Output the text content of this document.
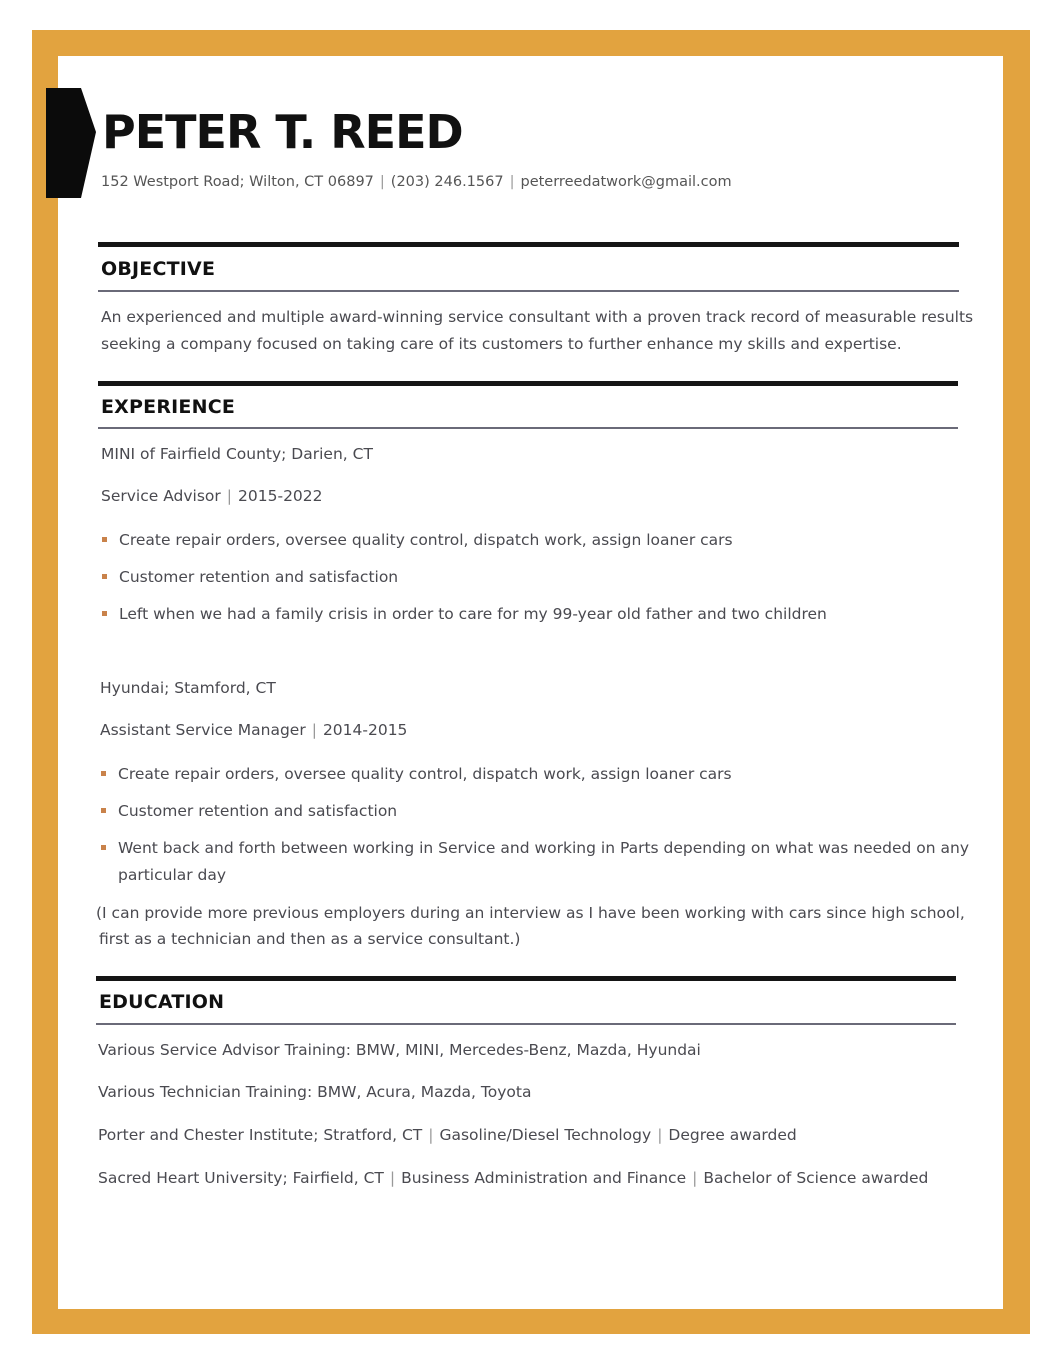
PETER T. REED
152 Westport Road; Wilton, CT 06897 | (203) 246.1567 | peterreedatwork@gmail.com
OBJECTIVE
An experienced and multiple award-winning service consultant with a proven track record of measurable results
seeking a company focused on taking care of its customers to further enhance my skills and expertise.
EXPERIENCE
MINI of Fairfield County; Darien, CT
Service Advisor | 2015-2022
Create repair orders, oversee quality control, dispatch work, assign loaner cars
Customer retention and satisfaction
Left when we had a family crisis in order to care for my 99-year old father and two children
Hyundai; Stamford, CT
Assistant Service Manager | 2014-2015
Create repair orders, oversee quality control, dispatch work, assign loaner cars
Customer retention and satisfaction
Went back and forth between working in Service and working in Parts depending on what was needed on any
particular day
(I can provide more previous employers during an interview as I have been working with cars since high school,
first as a technician and then as a service consultant.)
EDUCATION
Various Service Advisor Training: BMW, MINI, Mercedes-Benz, Mazda, Hyundai
Various Technician Training: BMW, Acura, Mazda, Toyota
Porter and Chester Institute; Stratford, CT | Gasoline/Diesel Technology | Degree awarded
Sacred Heart University; Fairfield, CT | Business Administration and Finance | Bachelor of Science awarded
